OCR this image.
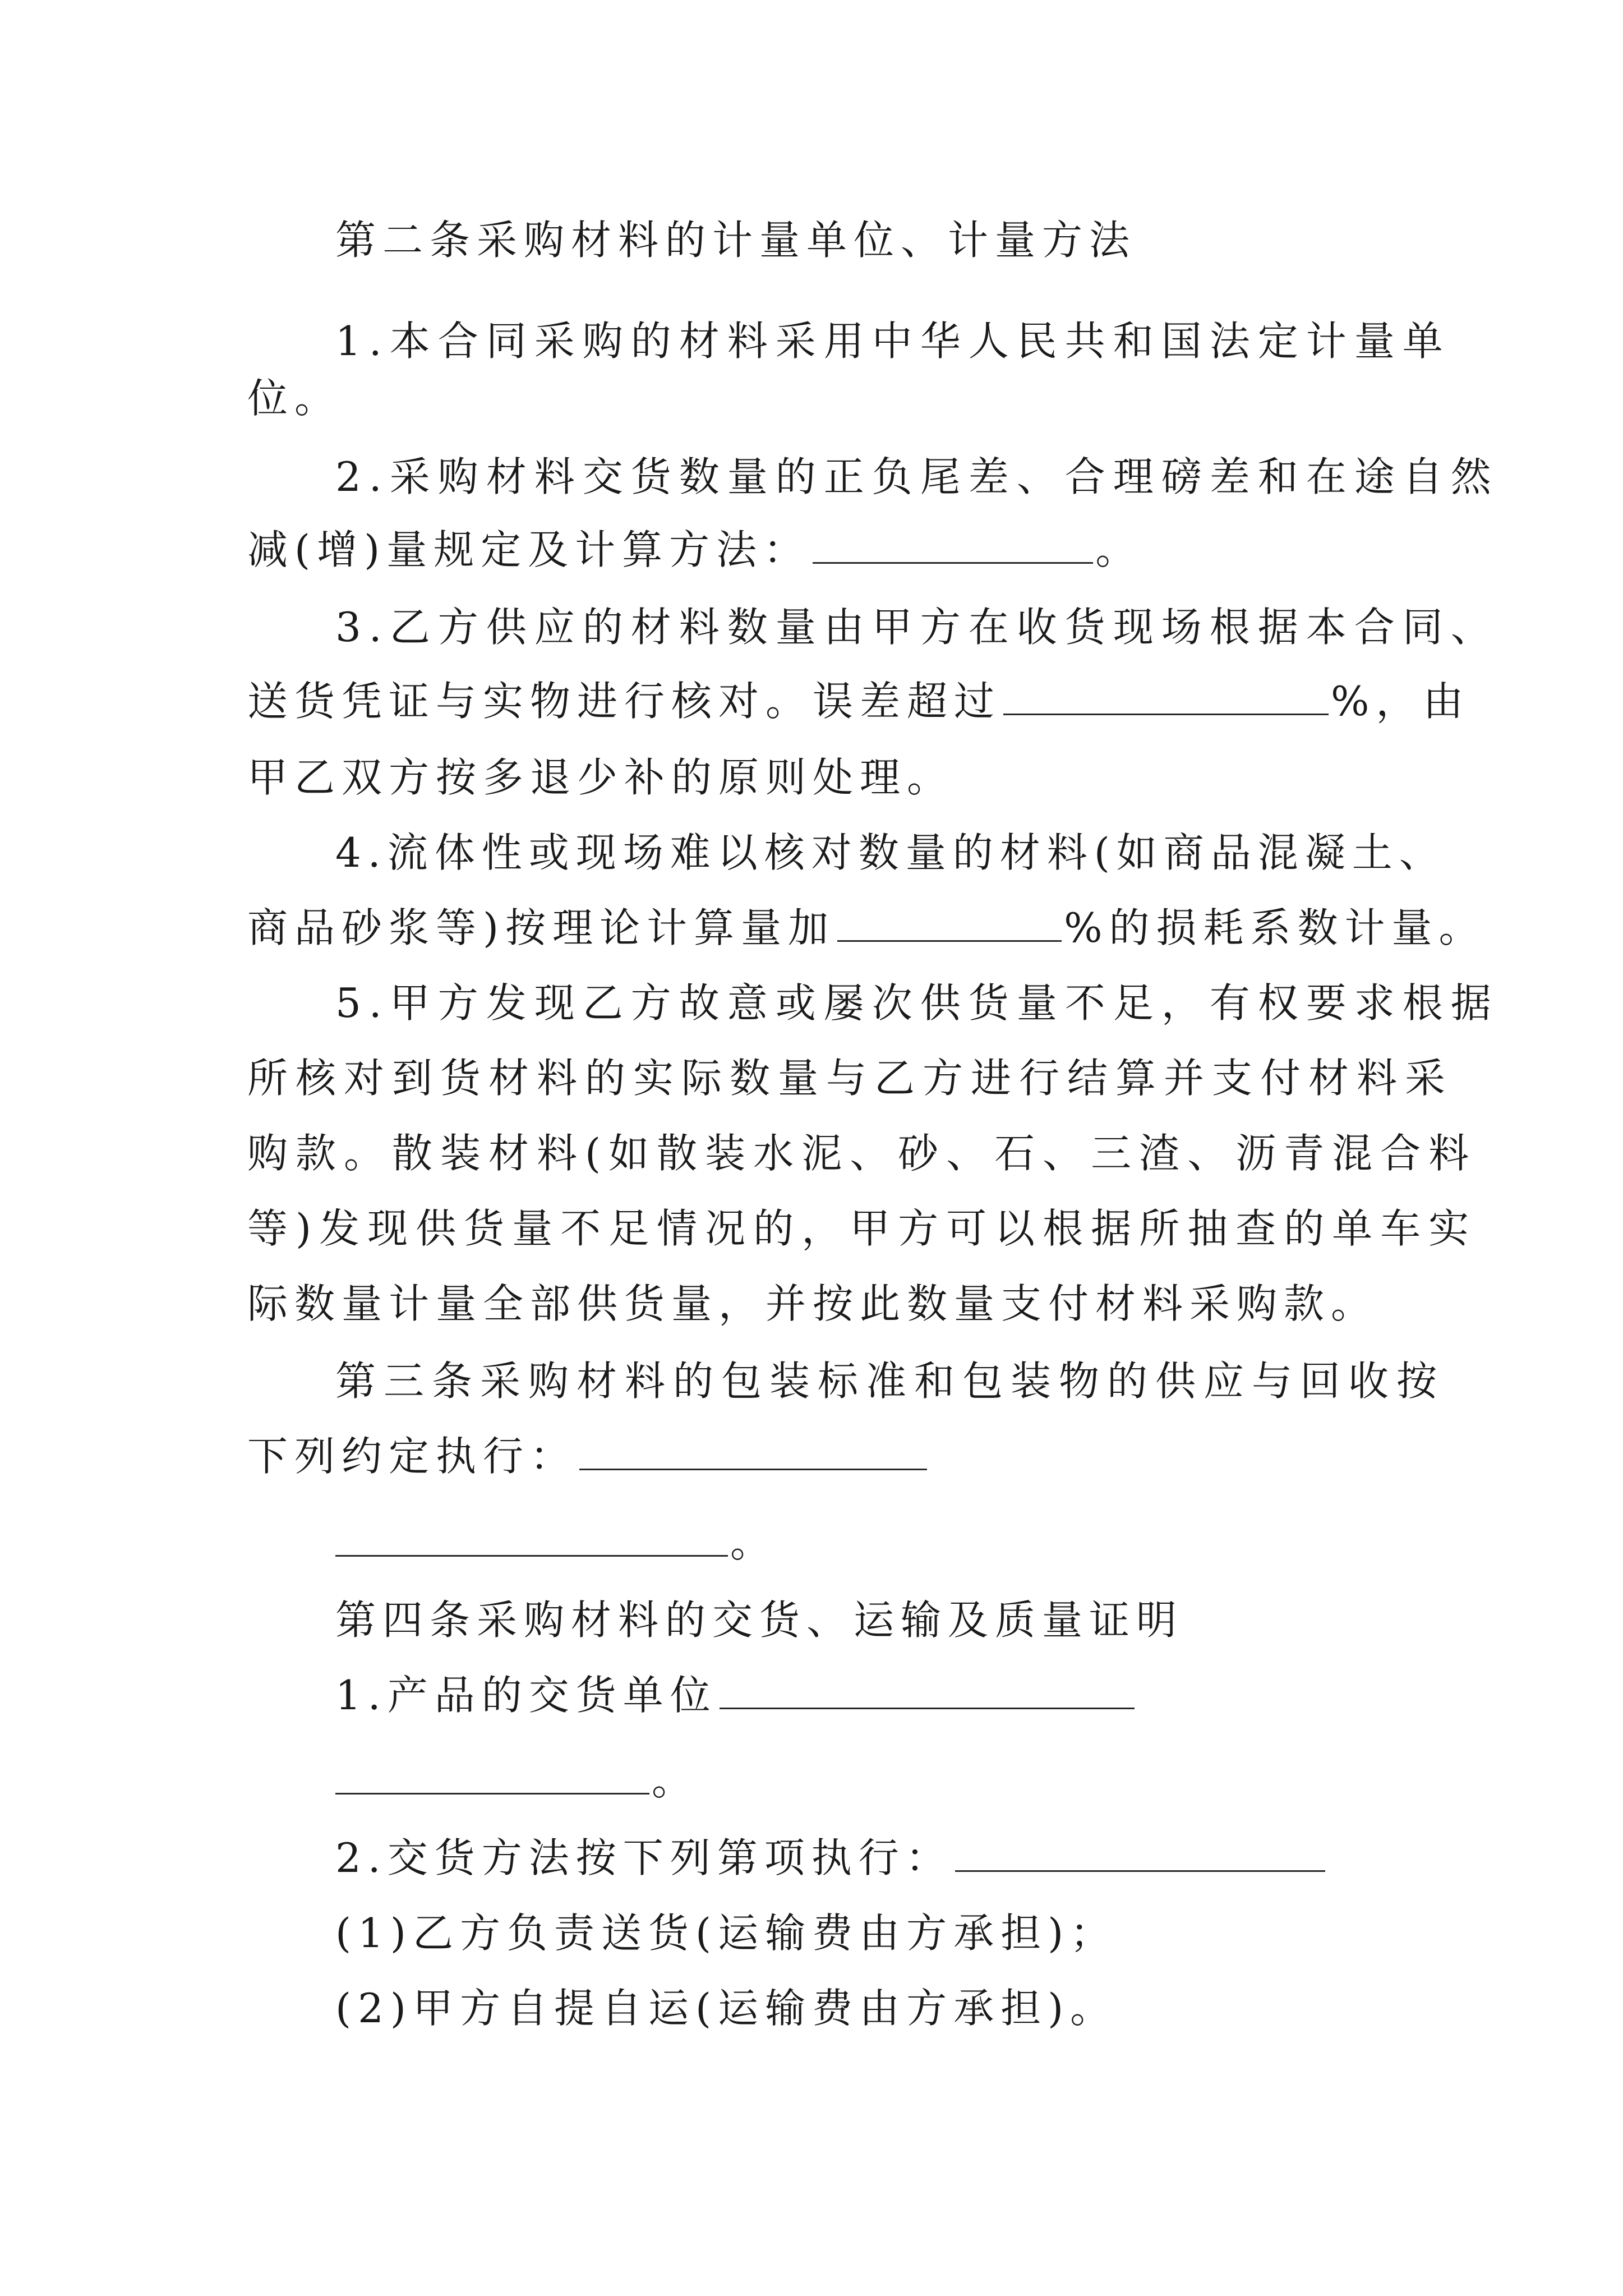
第二条采购材料的计量单位、计量方法
1.本合同采购的材料采用中华人民共和国法定计量单
位。
2.采购材料交货数量的正负尾差、合理磅差和在途自然
减(增)量规定及计算方法：	。
3.乙方供应的材料数量由甲方在收货现场根据本合同、
送货凭证与实物进行核对。误差超过	%，由
甲乙双方按多退少补的原则处理。
4.流体性或现场难以核对数量的材料(如商品混凝土、
商品砂浆等)按理论计算量加	%的损耗系数计量。
5.甲方发现乙方故意或屡次供货量不足，有权要求根据
所核对到货材料的实际数量与乙方进行结算并支付材料采
购款。散装材料(如散装水泥、砂、石、三渣、沥青混合料
等)发现供货量不足情况的，甲方可以根据所抽查的单车实
际数量计量全部供货量，并按此数量支付材料采购款。
第三条采购材料的包装标准和包装物的供应与回收按
下列约定执行：
。
第四条采购材料的交货、运输及质量证明
1.产品的交货单位
。
2.交货方法按下列第项执行：
(1)乙方负责送货(运输费由方承担)；
(2)甲方自提自运(运输费由方承担)。
